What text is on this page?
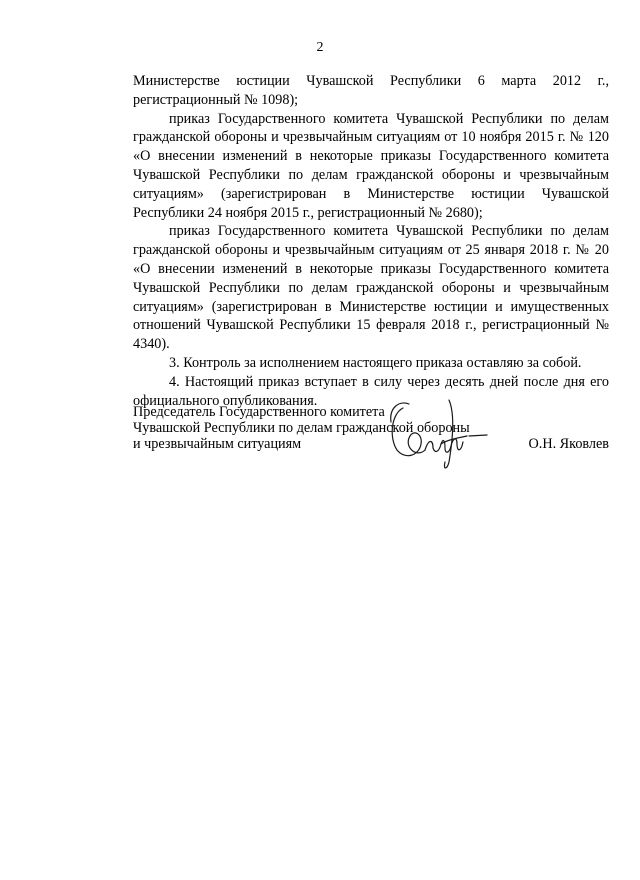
2

Министерстве юстиции Чувашской Республики 6 марта 2012 г., регистрационный № 1098);

приказ Государственного комитета Чувашской Республики по делам гражданской обороны и чрезвычайным ситуациям от 10 ноября 2015 г. № 120 «О внесении изменений в некоторые приказы Государственного комитета Чувашской Республики по делам гражданской обороны и чрезвычайным ситуациям» (зарегистрирован в Министерстве юстиции Чувашской Республики 24 ноября 2015 г., регистрационный № 2680);

приказ Государственного комитета Чувашской Республики по делам гражданской обороны и чрезвычайным ситуациям от 25 января 2018 г. № 20 «О внесении изменений в некоторые приказы Государственного комитета Чувашской Республики по делам гражданской обороны и чрезвычайным ситуациям» (зарегистрирован в Министерстве юстиции и имущественных отношений Чувашской Республики 15 февраля 2018 г., регистрационный № 4340).

3. Контроль за исполнением настоящего приказа оставляю за собой.

4. Настоящий приказ вступает в силу через десять дней после дня его официального опубликования.

Председатель Государственного комитета
Чувашской Республики по делам гражданской обороны
и чрезвычайным ситуациям	О.Н. Яковлев
